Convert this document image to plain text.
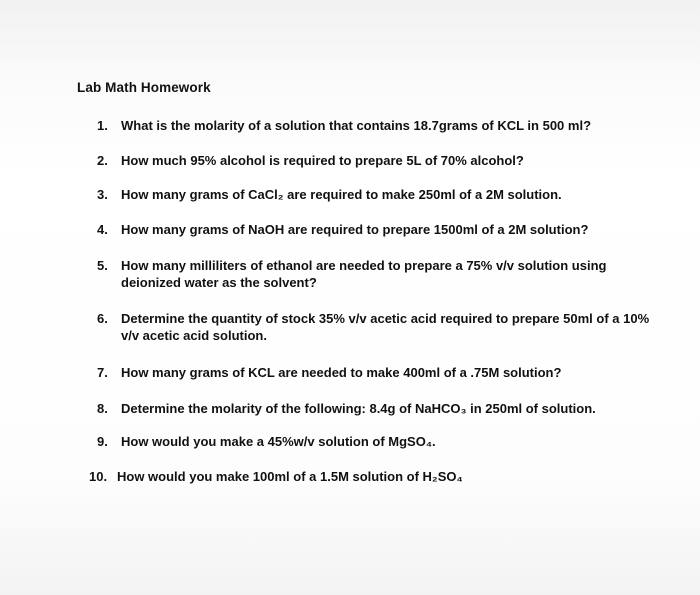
Lab Math Homework
1.	What is the molarity of a solution that contains 18.7grams of KCL in 500 ml?
2.	How much 95% alcohol is required to prepare 5L of 70% alcohol?
3.	How many grams of CaCl₂ are required to make 250ml of a 2M solution.
4.	How many grams of NaOH are required to prepare 1500ml of a 2M solution?
5.	How many milliliters of ethanol are needed to prepare a 75% v/v solution using deionized water as the solvent?
6.	Determine the quantity of stock 35% v/v acetic acid required to prepare 50ml of a 10% v/v acetic acid solution.
7.	How many grams of KCL are needed to make 400ml of a .75M solution?
8.	Determine the molarity of the following: 8.4g of NaHCO₃ in 250ml of solution.
9.	How would you make a 45%w/v solution of MgSO₄.
10. How would you make 100ml of a 1.5M solution of H₂SO₄
